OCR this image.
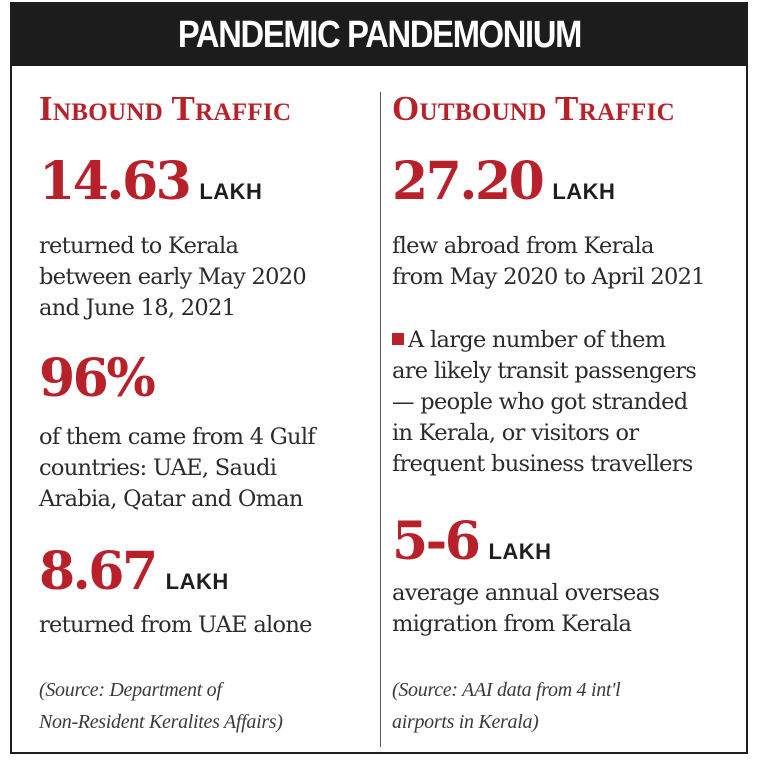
PANDEMIC PANDEMONIUM
Inbound Traffic
14.63 LAKH
returned to Kerala
between early May 2020
and June 18, 2021
96%
of them came from 4 Gulf
countries: UAE, Saudi
Arabia, Qatar and Oman
8.67 LAKH
returned from UAE alone
(Source: Department of
Non-Resident Keralites Affairs)
Outbound Traffic
27.20 LAKH
flew abroad from Kerala
from May 2020 to April 2021
A large number of them
are likely transit passengers
— people who got stranded
in Kerala, or visitors or
frequent business travellers
5-6 LAKH
average annual overseas
migration from Kerala
(Source: AAI data from 4 int'l
airports in Kerala)
